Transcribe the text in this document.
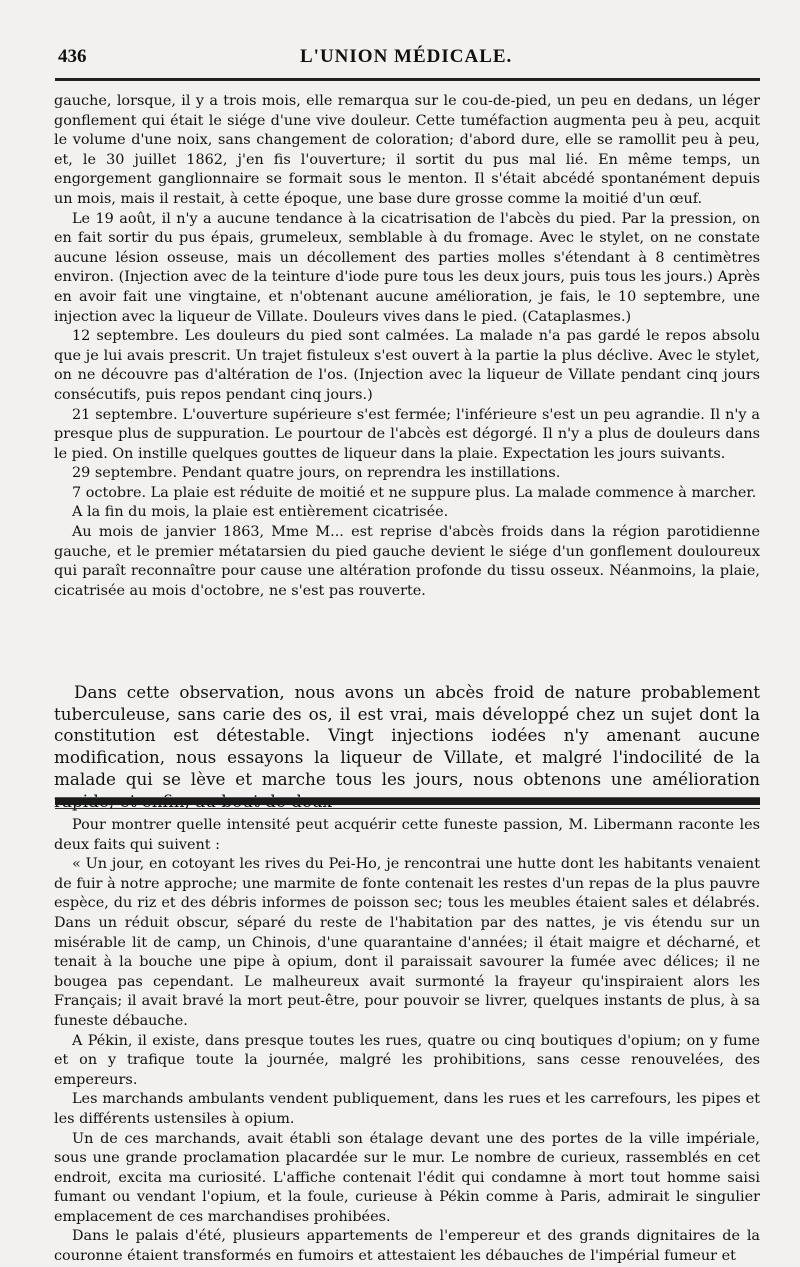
436	L'UNION MÉDICALE.

gauche, lorsque, il y a trois mois, elle remarqua sur le cou-de-pied, un peu en dedans, un léger gonflement qui était le siége d'une vive douleur. Cette tuméfaction augmenta peu à peu, acquit le volume d'une noix, sans changement de coloration; d'abord dure, elle se ramollit peu à peu, et, le 30 juillet 1862, j'en fis l'ouverture; il sortit du pus mal lié. En même temps, un engorgement ganglionnaire se formait sous le menton. Il s'était abcédé spontanément depuis un mois, mais il restait, à cette époque, une base dure grosse comme la moitié d'un œuf.

Le 19 août, il n'y a aucune tendance à la cicatrisation de l'abcès du pied. Par la pression, on en fait sortir du pus épais, grumeleux, semblable à du fromage. Avec le stylet, on ne constate aucune lésion osseuse, mais un décollement des parties molles s'étendant à 8 centimètres environ. (Injection avec de la teinture d'iode pure tous les deux jours, puis tous les jours.) Après en avoir fait une vingtaine, et n'obtenant aucune amélioration, je fais, le 10 septembre, une injection avec la liqueur de Villate. Douleurs vives dans le pied. (Cataplasmes.)

12 septembre. Les douleurs du pied sont calmées. La malade n'a pas gardé le repos absolu que je lui avais prescrit. Un trajet fistuleux s'est ouvert à la partie la plus déclive. Avec le stylet, on ne découvre pas d'altération de l'os. (Injection avec la liqueur de Villate pendant cinq jours consécutifs, puis repos pendant cinq jours.)

21 septembre. L'ouverture supérieure s'est fermée; l'inférieure s'est un peu agrandie. Il n'y a presque plus de suppuration. Le pourtour de l'abcès est dégorgé. Il n'y a plus de douleurs dans le pied. On instille quelques gouttes de liqueur dans la plaie. Expectation les jours suivants.

29 septembre. Pendant quatre jours, on reprendra les instillations.

7 octobre. La plaie est réduite de moitié et ne suppure plus. La malade commence à marcher.

A la fin du mois, la plaie est entièrement cicatrisée.

Au mois de janvier 1863, Mme M... est reprise d'abcès froids dans la région parotidienne gauche, et le premier métatarsien du pied gauche devient le siége d'un gonflement douloureux qui paraît reconnaître pour cause une altération profonde du tissu osseux. Néanmoins, la plaie, cicatrisée au mois d'octobre, ne s'est pas rouverte.

Dans cette observation, nous avons un abcès froid de nature probablement tuberculeuse, sans carie des os, il est vrai, mais développé chez un sujet dont la constitution est détestable. Vingt injections iodées n'y amenant aucune modification, nous essayons la liqueur de Villate, et malgré l'indocilité de la malade qui se lève et marche tous les jours, nous obtenons une amélioration

Pour montrer quelle intensité peut acquérir cette funeste passion, M. Libermann raconte les deux faits qui suivent :

« Un jour, en cotoyant les rives du Pei-Ho, je rencontrai une hutte dont les habitants venaient de fuir à notre approche; une marmite de fonte contenait les restes d'un repas de la plus pauvre espèce, du riz et des débris informes de poisson sec; tous les meubles étaient sales et délabrés. Dans un réduit obscur, séparé du reste de l'habitation par des nattes, je vis étendu sur un misérable lit de camp, un Chinois, d'une quarantaine d'années; il était maigre et décharné, et tenait à la bouche une pipe à opium, dont il paraissait savourer la fumée avec délices; il ne bougea pas cependant. Le malheureux avait surmonté la frayeur qu'inspiraient alors les Français; il avait bravé la mort peut-être, pour pouvoir se livrer, quelques instants de plus, à sa funeste débauche.

A Pékin, il existe, dans presque toutes les rues, quatre ou cinq boutiques d'opium; on y fume et on y trafique toute la journée, malgré les prohibitions, sans cesse renouvelées, des empereurs.

Les marchands ambulants vendent publiquement, dans les rues et les carrefours, les pipes et les différents ustensiles à opium.

Un de ces marchands, avait établi son étalage devant une des portes de la ville impériale, sous une grande proclamation placardée sur le mur. Le nombre de curieux, rassemblés en cet endroit, excita ma curiosité. L'affiche contenait l'édit qui condamne à mort tout homme saisi fumant ou vendant l'opium, et la foule, curieuse à Pékin comme à Paris, admirait le singulier emplacement de ces marchandises prohibées.

Dans le palais d'été, plusieurs appartements de l'empereur et des grands dignitaires de la couronne étaient transformés en fumoirs et attestaient les débauches de l'impérial fumeur et
